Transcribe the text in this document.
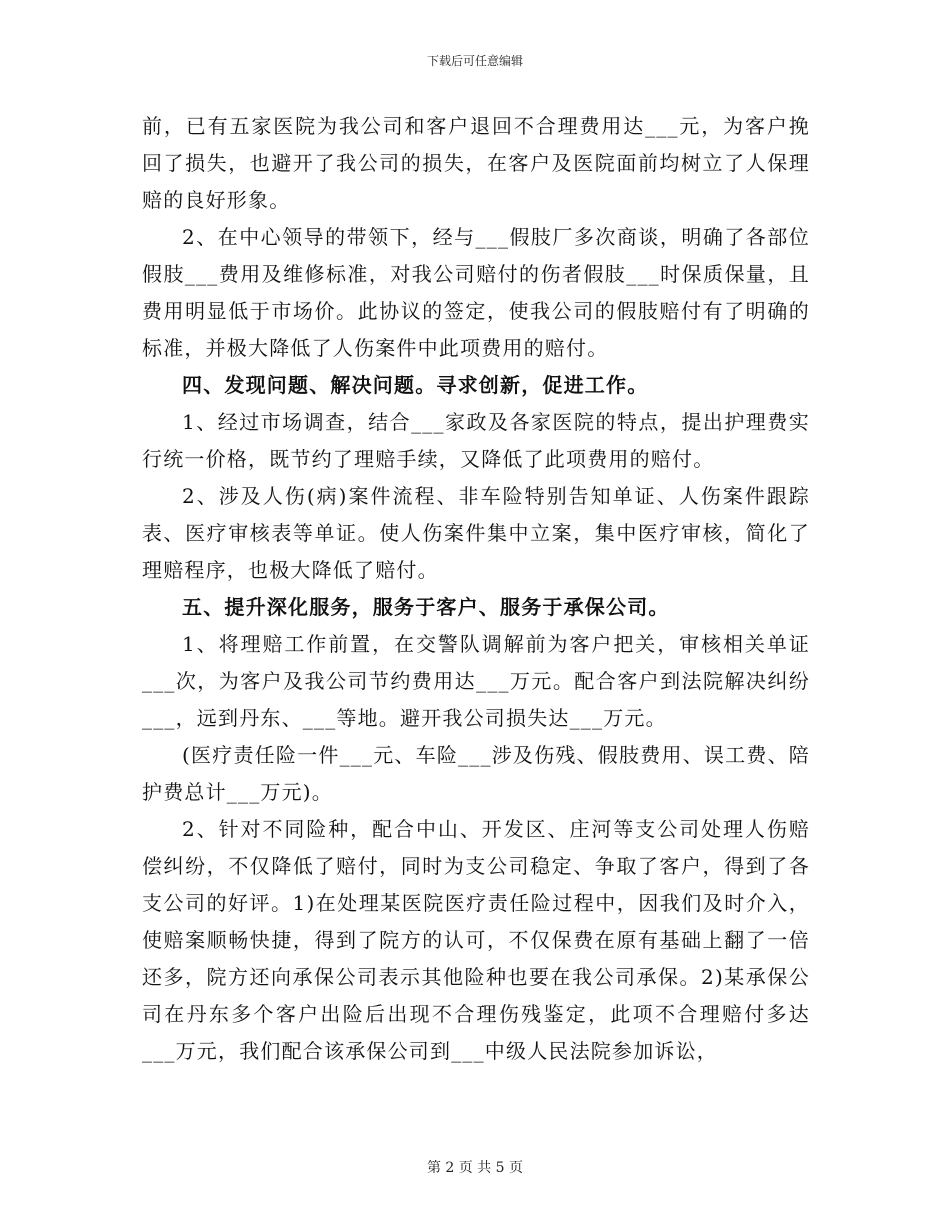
下载后可任意编辑

前，已有五家医院为我公司和客户退回不合理费用达___元，为客户挽回了损失，也避开了我公司的损失，在客户及医院面前均树立了人保理赔的良好形象。

2、在中心领导的带领下，经与___假肢厂多次商谈，明确了各部位假肢___费用及维修标准，对我公司赔付的伤者假肢___时保质保量，且费用明显低于市场价。此协议的签定，使我公司的假肢赔付有了明确的标准，并极大降低了人伤案件中此项费用的赔付。

四、发现问题、解决问题。寻求创新，促进工作。

1、经过市场调查，结合___家政及各家医院的特点，提出护理费实行统一价格，既节约了理赔手续，又降低了此项费用的赔付。

2、涉及人伤(病)案件流程、非车险特别告知单证、人伤案件跟踪表、医疗审核表等单证。使人伤案件集中立案，集中医疗审核，简化了理赔程序，也极大降低了赔付。

五、提升深化服务，服务于客户、服务于承保公司。

1、将理赔工作前置，在交警队调解前为客户把关，审核相关单证___次，为客户及我公司节约费用达___万元。配合客户到法院解决纠纷___，远到丹东、___等地。避开我公司损失达___万元。

(医疗责任险一件___元、车险___涉及伤残、假肢费用、误工费、陪护费总计___万元)。

2、针对不同险种，配合中山、开发区、庄河等支公司处理人伤赔偿纠纷，不仅降低了赔付，同时为支公司稳定、争取了客户，得到了各支公司的好评。1)在处理某医院医疗责任险过程中，因我们及时介入，使赔案顺畅快捷，得到了院方的认可，不仅保费在原有基础上翻了一倍还多，院方还向承保公司表示其他险种也要在我公司承保。2)某承保公司在丹东多个客户出险后出现不合理伤残鉴定，此项不合理赔付多达___万元，我们配合该承保公司到___中级人民法院参加诉讼，

第 2 页 共 5 页
